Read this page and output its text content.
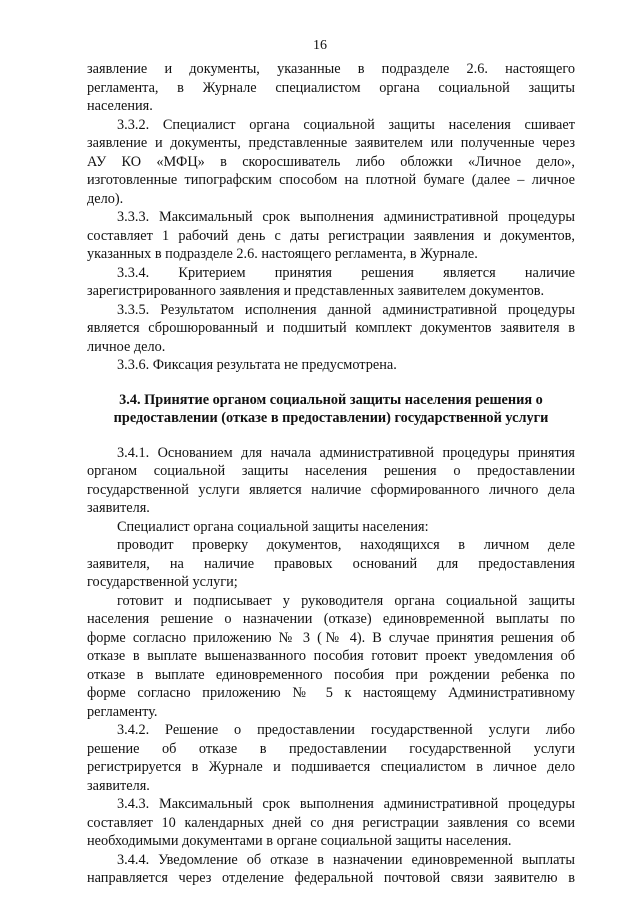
16
заявление и документы, указанные в подразделе 2.6. настоящего
регламента, в Журнале специалистом органа социальной защиты
населения.
3.3.2. Специалист органа социальной защиты населения сшивает
заявление и документы, представленные заявителем или полученные через
АУ КО «МФЦ» в скоросшиватель либо обложки «Личное дело»,
изготовленные типографским способом на плотной бумаге (далее – личное
дело).
3.3.3. Максимальный срок выполнения административной процедуры
составляет 1 рабочий день с даты регистрации заявления и документов,
указанных в подразделе 2.6. настоящего регламента, в Журнале.
3.3.4. Критерием принятия решения является наличие
зарегистрированного заявления и представленных заявителем документов.
3.3.5. Результатом исполнения данной административной процедуры
является сброшюрованный и подшитый комплект документов заявителя в
личное дело.
3.3.6. Фиксация результата не предусмотрена.
3.4. Принятие органом социальной защиты населения решения о
предоставлении (отказе в предоставлении) государственной услуги
3.4.1. Основанием для начала административной процедуры принятия
органом социальной защиты населения решения о предоставлении
государственной услуги является наличие сформированного личного дела
заявителя.
Специалист органа социальной защиты населения:
проводит проверку документов, находящихся в личном деле
заявителя, на наличие правовых оснований для предоставления
государственной услуги;
готовит и подписывает у руководителя органа социальной защиты
населения решение о назначении (отказе) единовременной выплаты по
форме согласно приложению № 3 (№ 4). В случае принятия решения об
отказе в выплате вышеназванного пособия готовит проект уведомления об
отказе в выплате единовременного пособия при рождении ребенка по
форме согласно приложению № 5 к настоящему Административному
регламенту.
3.4.2. Решение о предоставлении государственной услуги либо
решение об отказе в предоставлении государственной услуги
регистрируется в Журнале и подшивается специалистом в личное дело
заявителя.
3.4.3. Максимальный срок выполнения административной процедуры
составляет 10 календарных дней со дня регистрации заявления со всеми
необходимыми документами в органе социальной защиты населения.
3.4.4. Уведомление об отказе в назначении единовременной выплаты
направляется через отделение федеральной почтовой связи заявителю в
